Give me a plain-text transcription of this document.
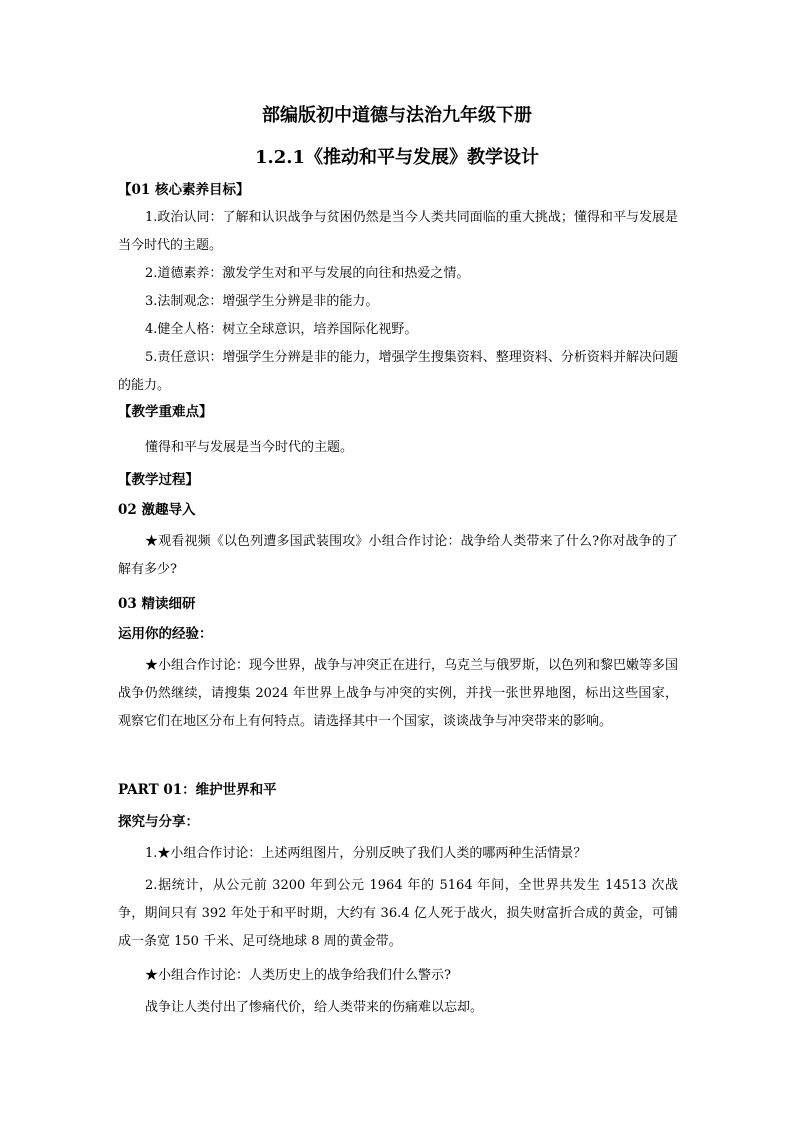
部编版初中道德与法治九年级下册
1.2.1《推动和平与发展》教学设计
【01 核心素养目标】
1.政治认同：了解和认识战争与贫困仍然是当今人类共同面临的重大挑战；懂得和平与发展是当今时代的主题。
2.道德素养：激发学生对和平与发展的向往和热爱之情。
3.法制观念：增强学生分辨是非的能力。
4.健全人格：树立全球意识，培养国际化视野。
5.责任意识：增强学生分辨是非的能力，增强学生搜集资料、整理资料、分析资料并解决问题的能力。
【教学重难点】
懂得和平与发展是当今时代的主题。
【教学过程】
02 激趣导入
★观看视频《以色列遭多国武装围攻》小组合作讨论：战争给人类带来了什么?你对战争的了解有多少?
03 精读细研
运用你的经验：
★小组合作讨论：现今世界，战争与冲突正在进行，乌克兰与俄罗斯，以色列和黎巴嫩等多国战争仍然继续，请搜集 2024 年世界上战争与冲突的实例，并找一张世界地图，标出这些国家，观察它们在地区分布上有何特点。请选择其中一个国家，谈谈战争与冲突带来的影响。
PART 01：维护世界和平
探究与分享：
1.★小组合作讨论：上述两组图片，分别反映了我们人类的哪两种生活情景？
2.据统计，从公元前 3200 年到公元 1964 年的 5164 年间，全世界共发生 14513 次战争，期间只有 392 年处于和平时期，大约有 36.4 亿人死于战火，损失财富折合成的黄金，可铺成一条宽 150 千米、足可绕地球 8 周的黄金带。
★小组合作讨论：人类历史上的战争给我们什么警示?
战争让人类付出了惨痛代价，给人类带来的伤痛难以忘却。
